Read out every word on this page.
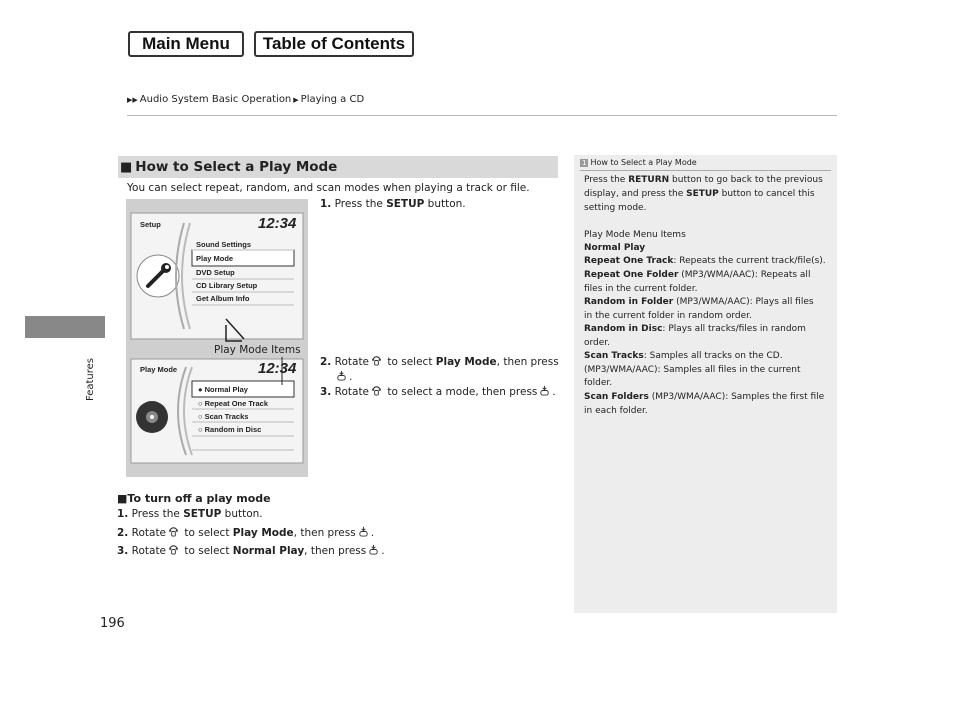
Main Menu	Table of Contents
▶▶ Audio System Basic Operation ▶ Playing a CD
Features
196
■ How to Select a Play Mode
You can select repeat, random, and scan modes when playing a track or file.
1. Press the SETUP button.
2. Rotate to select Play Mode, then press
.
3. Rotate to select a mode, then press .
Setup	12:34
Sound Settings
Play Mode
DVD Setup
CD Library Setup
Get Album Info
Play Mode Items
Play Mode	12:34
● Normal Play
○ Repeat One Track
○ Scan Tracks
○ Random in Disc
■To turn off a play mode
1. Press the SETUP button.
2. Rotate to select Play Mode, then press .
3. Rotate to select Normal Play, then press .
1 How to Select a Play Mode
Press the RETURN button to go back to the previous
display, and press the SETUP button to cancel this
setting mode.
Play Mode Menu Items
Normal Play
Repeat One Track: Repeats the current track/file(s).
Repeat One Folder (MP3/WMA/AAC): Repeats all
files in the current folder.
Random in Folder (MP3/WMA/AAC): Plays all files
in the current folder in random order.
Random in Disc: Plays all tracks/files in random
order.
Scan Tracks: Samples all tracks on the CD.
(MP3/WMA/AAC): Samples all files in the current
folder.
Scan Folders (MP3/WMA/AAC): Samples the first file
in each folder.
